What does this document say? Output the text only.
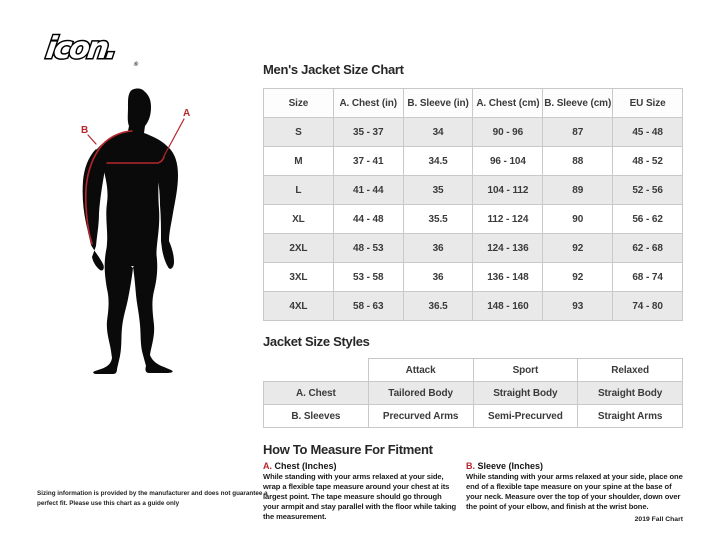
icon. ®
B
A
Men's Jacket Size Chart
Size	A. Chest (in)	B. Sleeve (in)	A. Chest (cm)	B. Sleeve (cm)	EU Size
S	35 - 37	34	90 - 96	87	45 - 48
M	37 - 41	34.5	96 - 104	88	48 - 52
L	41 - 44	35	104 - 112	89	52 - 56
XL	44 - 48	35.5	112 - 124	90	56 - 62
2XL	48 - 53	36	124 - 136	92	62 - 68
3XL	53 - 58	36	136 - 148	92	68 - 74
4XL	58 - 63	36.5	148 - 160	93	74 - 80
Jacket Size Styles
	Attack	Sport	Relaxed
A. Chest	Tailored Body	Straight Body	Straight Body
B. Sleeves	Precurved Arms	Semi-Precurved	Straight Arms
How To Measure For Fitment

A. Chest (Inches)

While standing with your arms relaxed at your side, wrap a flexible tape measure around your chest at its largest point. The tape measure should go through your armpit and stay parallel with the floor while taking the measurement.

B. Sleeve (Inches)

While standing with your arms relaxed at your side, place one end of a flexible tape measure on your spine at the base of your neck. Measure over the top of your shoulder, down over the point of your elbow, and finish at the wrist bone.

Sizing information is provided by the manufacturer and does not guarantee a perfect fit. Please use this chart as a guide only

2019 Fall Chart
